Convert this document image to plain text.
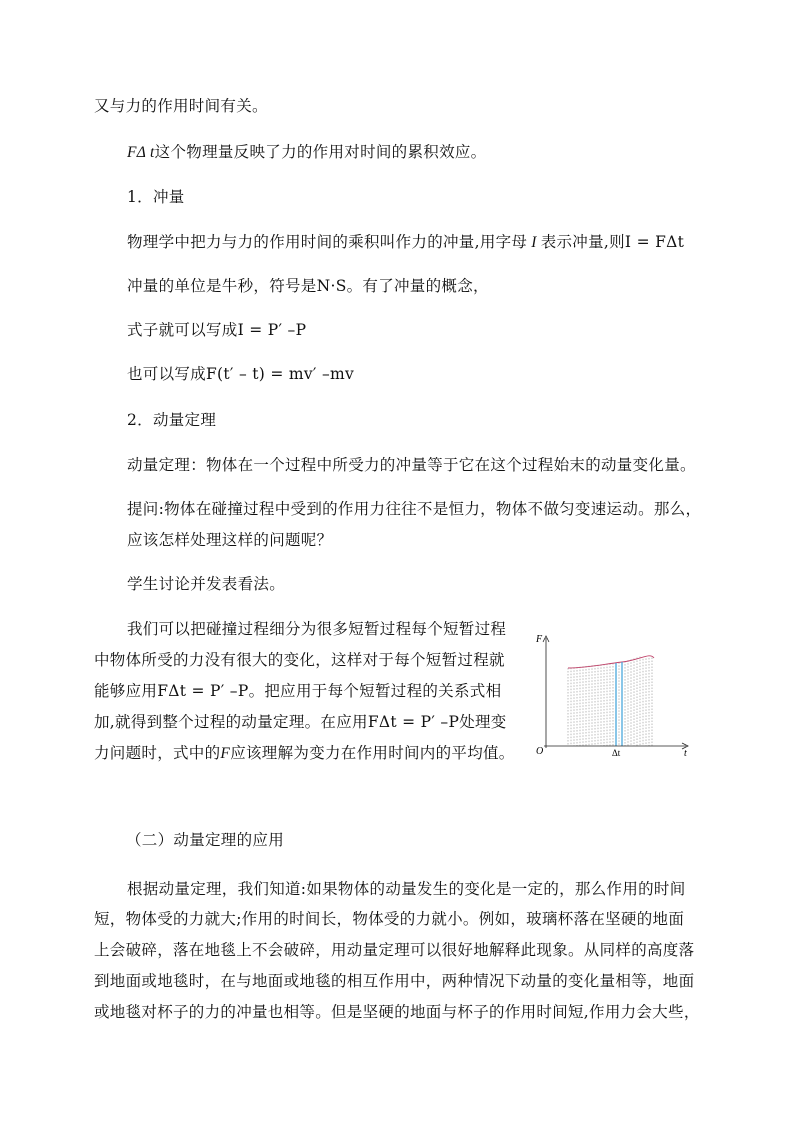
又与力的作用时间有关。
FΔ t这个物理量反映了力的作用对时间的累积效应。
1．冲量
物理学中把力与力的作用时间的乘积叫作力的冲量,用字母 I 表示冲量,则I = FΔt
冲量的单位是牛秒，符号是N·S。有了冲量的概念，
式子就可以写成I = P′ –P
也可以写成F(t′ – t) = mv′ –mv
2．动量定理
动量定理：物体在一个过程中所受力的冲量等于它在这个过程始末的动量变化量。
提问:物体在碰撞过程中受到的作用力往往不是恒力，物体不做匀变速运动。那么，
应该怎样处理这样的问题呢？
学生讨论并发表看法。
我们可以把碰撞过程细分为很多短暂过程每个短暂过程
中物体所受的力没有很大的变化，这样对于每个短暂过程就
能够应用FΔt = P′ –P。把应用于每个短暂过程的关系式相
加,就得到整个过程的动量定理。在应用FΔt = P′ –P处理变
力问题时，式中的F应该理解为变力在作用时间内的平均值。
F
O	t
Δt
（二）动量定理的应用
根据动量定理，我们知道:如果物体的动量发生的变化是一定的，那么作用的时间
短，物体受的力就大;作用的时间长，物体受的力就小。例如，玻璃杯落在坚硬的地面
上会破碎，落在地毯上不会破碎，用动量定理可以很好地解释此现象。从同样的高度落
到地面或地毯时，在与地面或地毯的相互作用中，两种情况下动量的变化量相等，地面
或地毯对杯子的力的冲量也相等。但是坚硬的地面与杯子的作用时间短,作用力会大些，
